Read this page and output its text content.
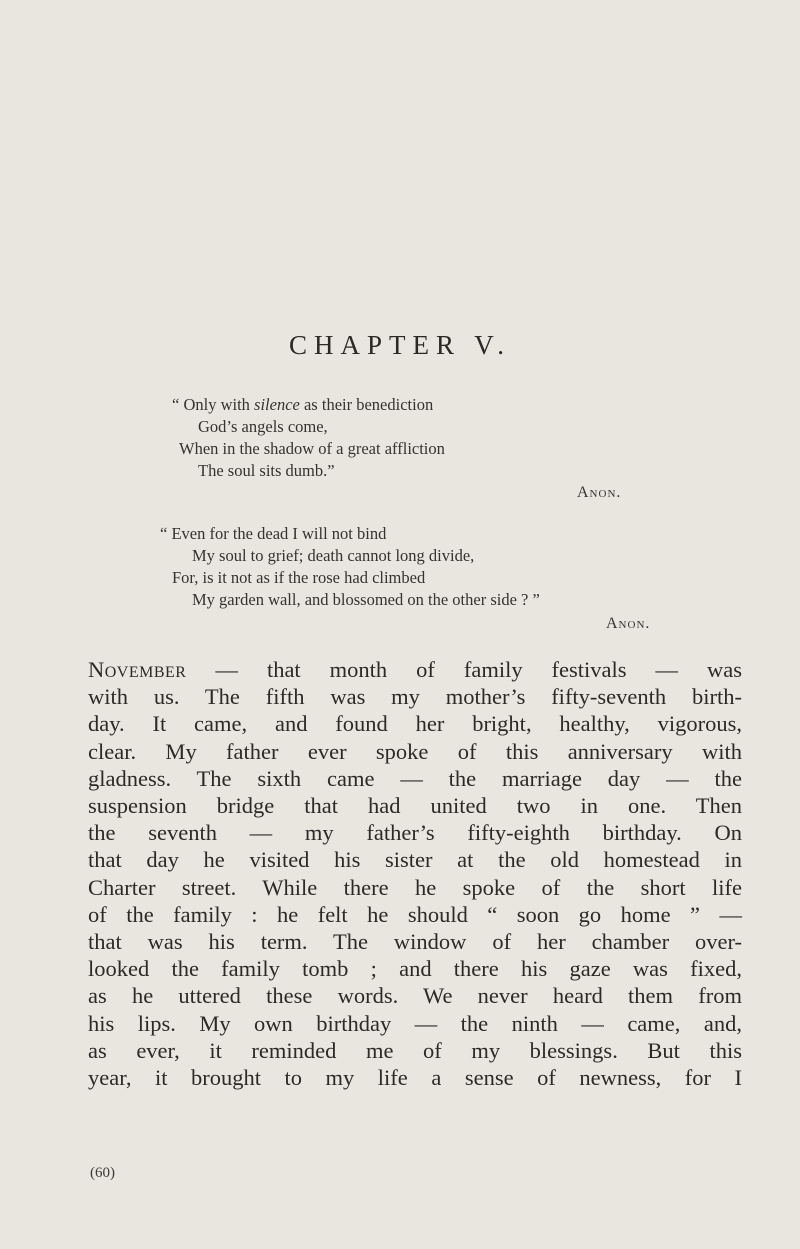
CHAPTER V.
“ Only with silence as their benediction
God’s angels come,
When in the shadow of a great affliction
The soul sits dumb.”
Anon.
“ Even for the dead I will not bind
My soul to grief; death cannot long divide,
For, is it not as if the rose had climbed
My garden wall, and blossomed on the other side ? ”
Anon.
November — that month of family festivals — was
with us. The fifth was my mother’s fifty-seventh birth-
day. It came, and found her bright, healthy, vigorous,
clear. My father ever spoke of this anniversary with
gladness. The sixth came — the marriage day — the
suspension bridge that had united two in one. Then
the seventh — my father’s fifty-eighth birthday. On
that day he visited his sister at the old homestead in
Charter street. While there he spoke of the short life
of the family : he felt he should “ soon go home ” —
that was his term. The window of her chamber over-
looked the family tomb ; and there his gaze was fixed,
as he uttered these words. We never heard them from
his lips. My own birthday — the ninth — came, and,
as ever, it reminded me of my blessings. But this
year, it brought to my life a sense of newness, for I
(60)
